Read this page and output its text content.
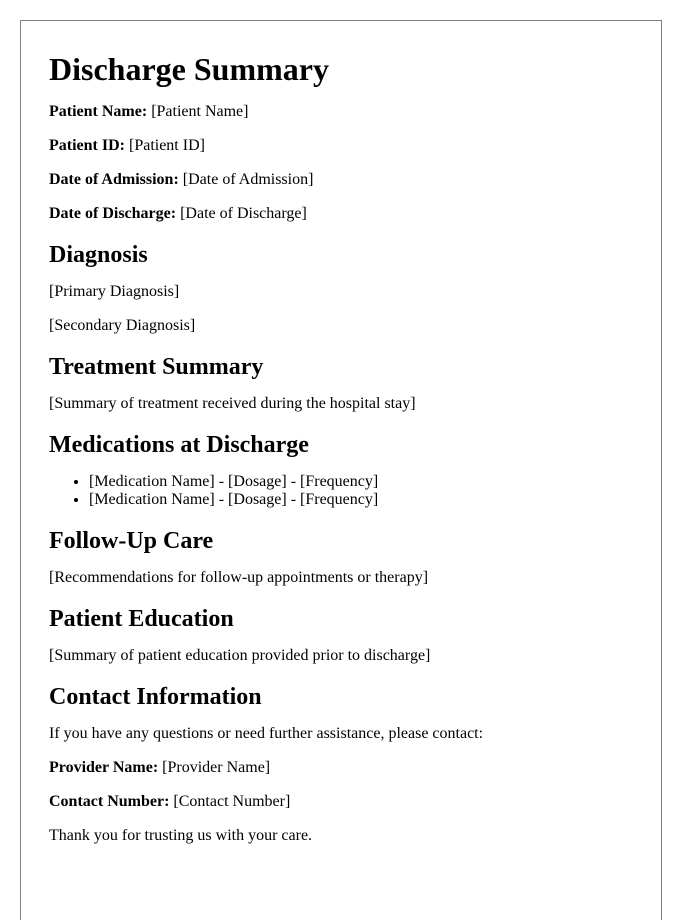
Discharge Summary

Patient Name: [Patient Name]

Patient ID: [Patient ID]

Date of Admission: [Date of Admission]

Date of Discharge: [Date of Discharge]

Diagnosis

[Primary Diagnosis]

[Secondary Diagnosis]

Treatment Summary

[Summary of treatment received during the hospital stay]

Medications at Discharge
• [Medication Name] - [Dosage] - [Frequency]
• [Medication Name] - [Dosage] - [Frequency]
Follow-Up Care

[Recommendations for follow-up appointments or therapy]

Patient Education

[Summary of patient education provided prior to discharge]

Contact Information

If you have any questions or need further assistance, please contact:

Provider Name: [Provider Name]

Contact Number: [Contact Number]

Thank you for trusting us with your care.
